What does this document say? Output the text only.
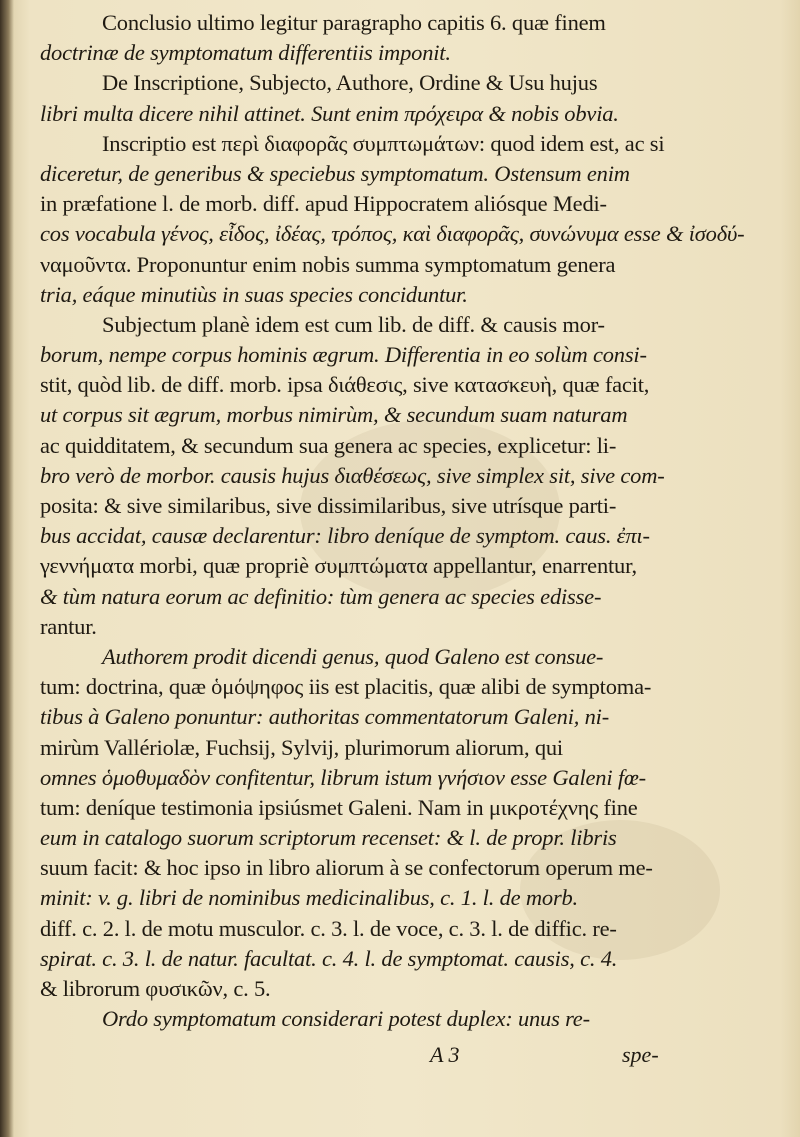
Conclusio ultimo legitur paragrapho capitis 6. quæ finem
doctrinæ de symptomatum differentiis imponit.
De Inscriptione, Subjecto, Authore, Ordine & Usu hujus
libri multa dicere nihil attinet. Sunt enim πρόχειρα & nobis obvia.
Inscriptio est περὶ διαφορᾶς συμπτωμάτων: quod idem est, ac si
diceretur, de generibus & speciebus symptomatum. Ostensum enim
in præfatione l. de morb. diff. apud Hippocratem aliósque Medi-
cos vocabula γένος, εἶδος, ἰδέας, τρόπος, καὶ διαφορᾶς, συνώνυμα esse & ἰσοδύ-
ναμοῦντα. Proponuntur enim nobis summa symptomatum genera
tria, eáque minutiùs in suas species conciduntur.
Subjectum planè idem est cum lib. de diff. & causis mor-
borum, nempe corpus hominis ægrum. Differentia in eo solùm consi-
stit, quòd lib. de diff. morb. ipsa διάθεσις, sive κατασκευὴ, quæ facit,
ut corpus sit ægrum, morbus nimirùm, & secundum suam naturam
ac quidditatem, & secundum sua genera ac species, explicetur: li-
bro verò de morbor. causis hujus διαθέσεως, sive simplex sit, sive com-
posita: & sive similaribus, sive dissimilaribus, sive utrísque parti-
bus accidat, causæ declarentur: libro deníque de symptom. caus. ἐπι-
γεννήματα morbi, quæ propriè συμπτώματα appellantur, enarrentur,
& tùm natura eorum ac definitio: tùm genera ac species edisse-
rantur.
Authorem prodit dicendi genus, quod Galeno est consue-
tum: doctrina, quæ ὁμόψηφος iis est placitis, quæ alibi de symptoma-
tibus à Galeno ponuntur: authoritas commentatorum Galeni, ni-
mirùm Vallériolæ, Fuchsij, Sylvij, plurimorum aliorum, qui
omnes ὁμοθυμαδὸν confitentur, librum istum γνήσιον esse Galeni fœ-
tum: deníque testimonia ipsiúsmet Galeni. Nam in μικροτέχνης fine
eum in catalogo suorum scriptorum recenset: & l. de propr. libris
suum facit: & hoc ipso in libro aliorum à se confectorum operum me-
minit: v. g. libri de nominibus medicinalibus, c. 1. l. de morb.
diff. c. 2. l. de motu musculor. c. 3. l. de voce, c. 3. l. de diffic. re-
spirat. c. 3. l. de natur. facultat. c. 4. l. de symptomat. causis, c. 4.
& librorum φυσικῶν, c. 5.
Ordo symptomatum considerari potest duplex: unus re-
A 3	spe-
